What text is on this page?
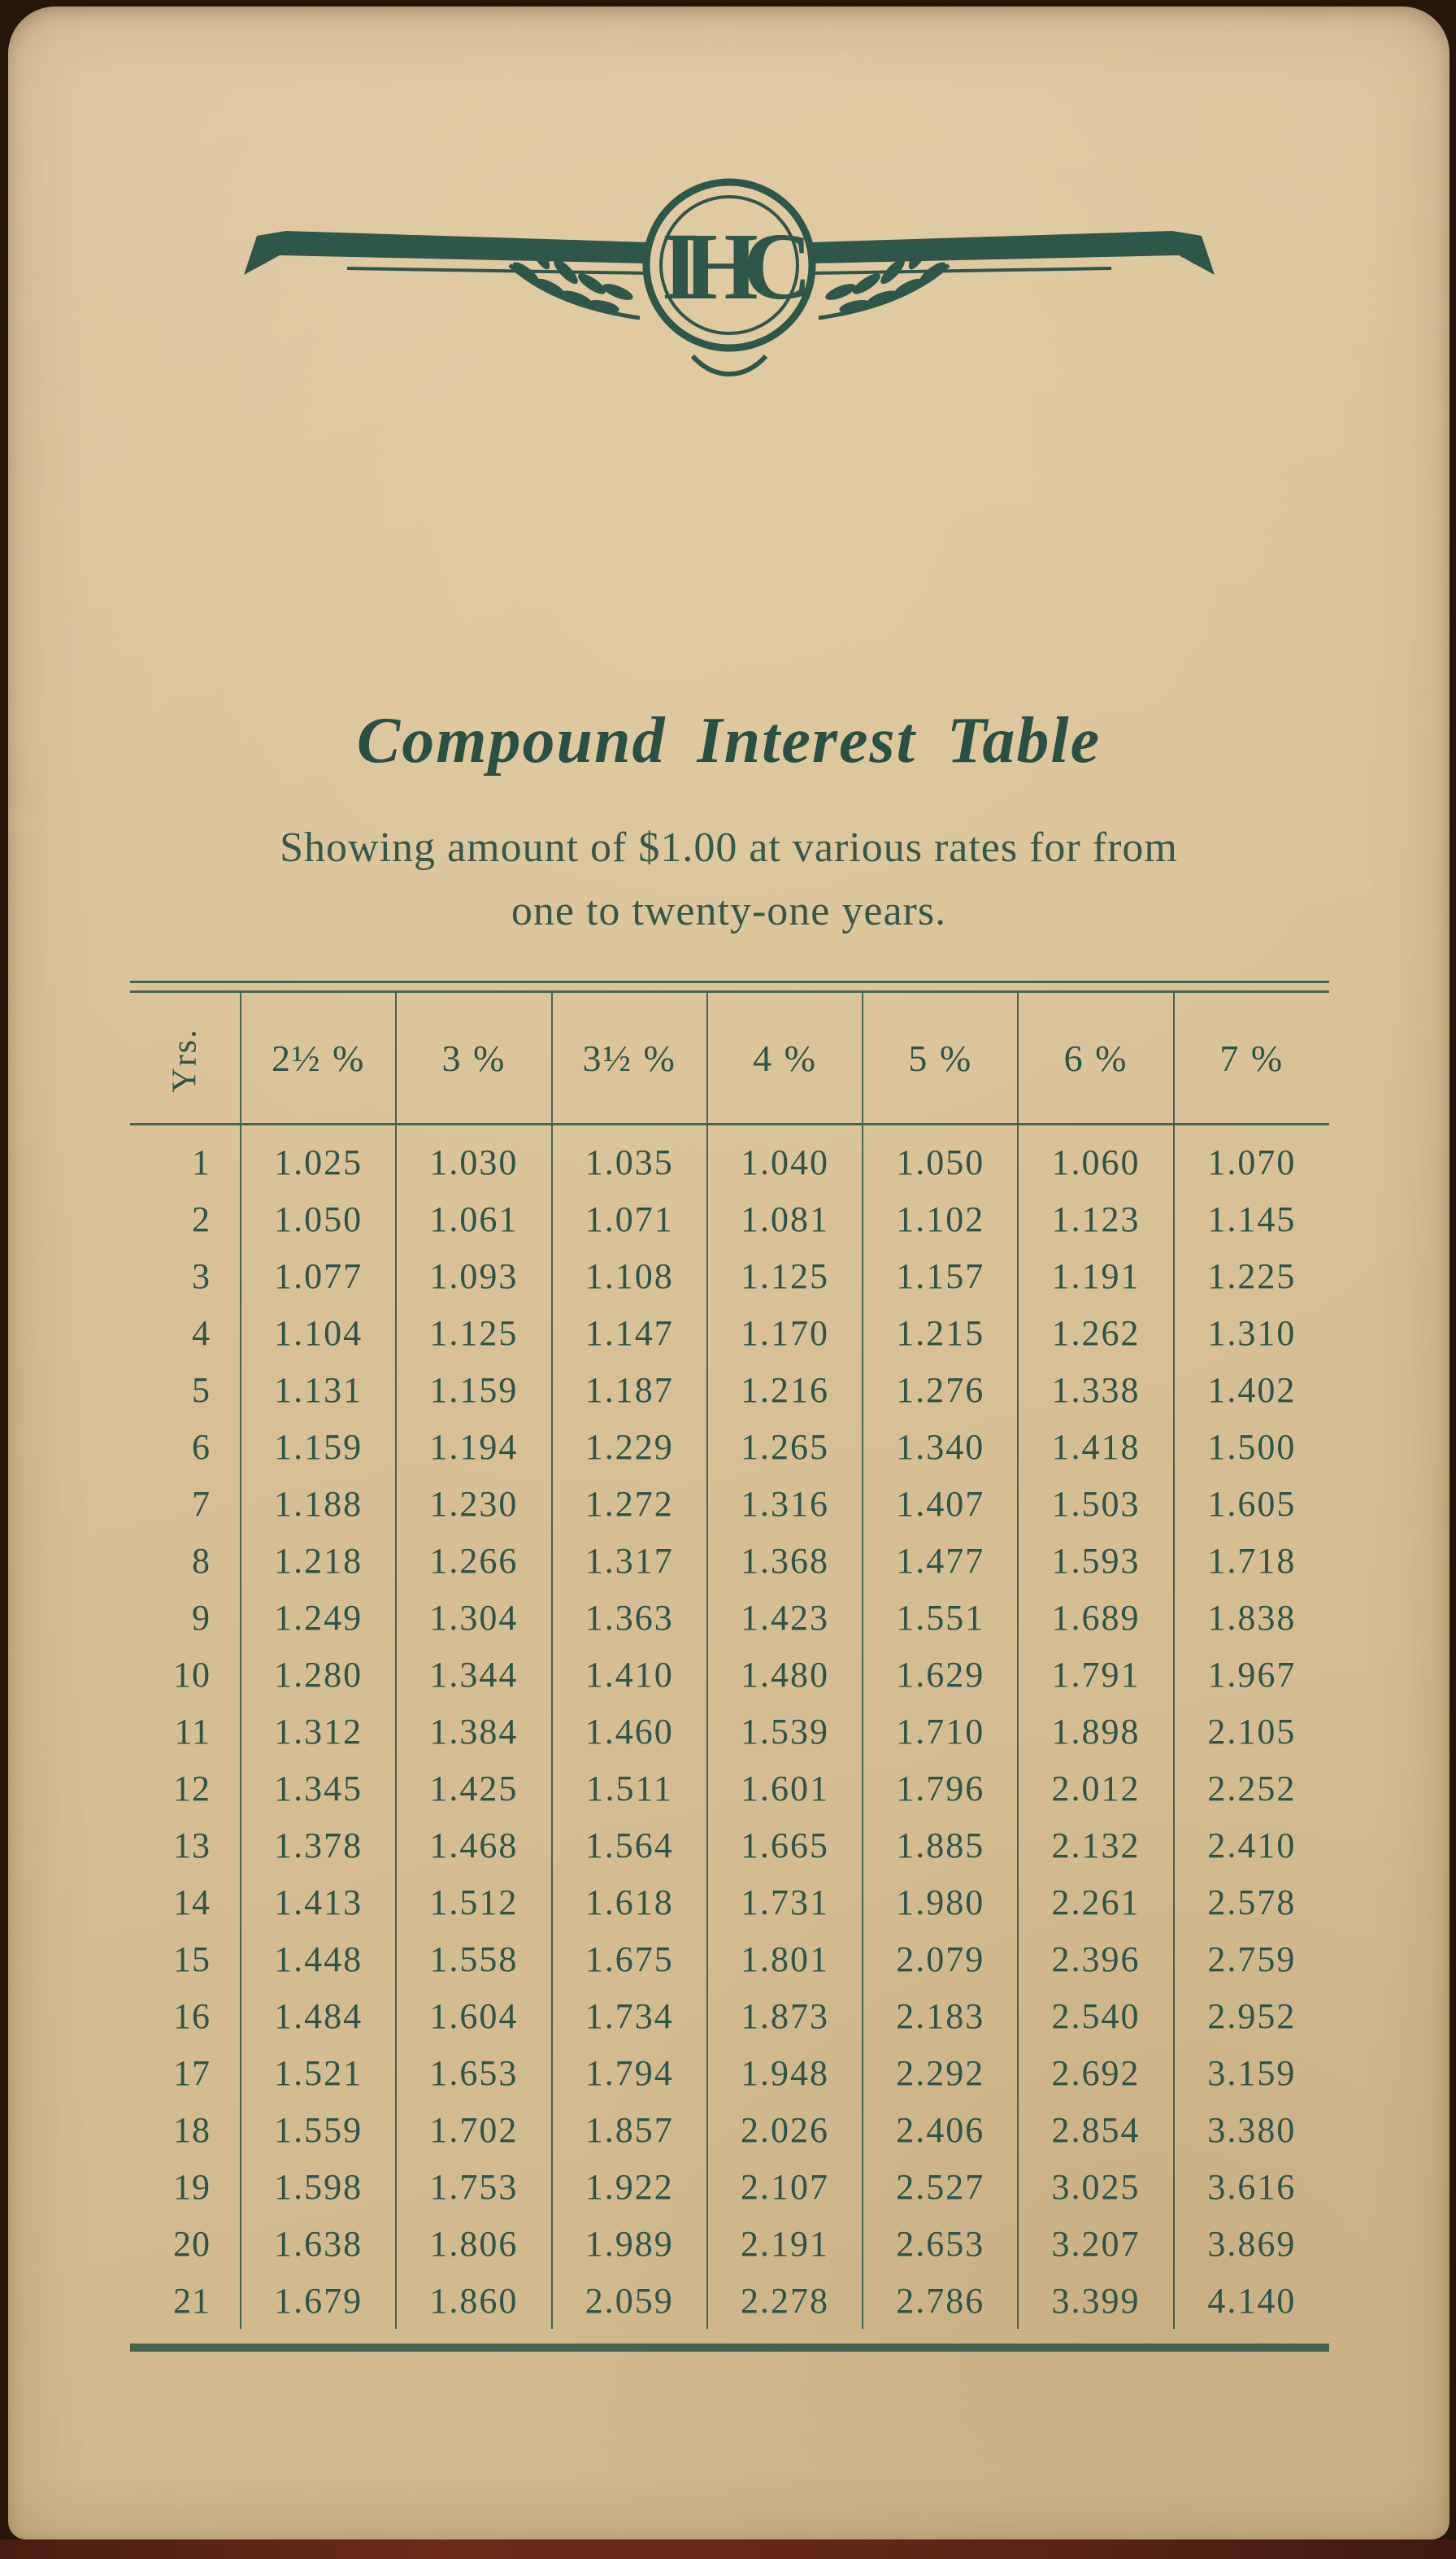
IHC
Compound Interest Table
Showing amount of $1.00 at various rates for from
one to twenty-one years.
Yrs.	2½ %	3 %	3½ %	4 %	5 %	6 %	7 %
1	1.025	1.030	1.035	1.040	1.050	1.060	1.070
2	1.050	1.061	1.071	1.081	1.102	1.123	1.145
3	1.077	1.093	1.108	1.125	1.157	1.191	1.225
4	1.104	1.125	1.147	1.170	1.215	1.262	1.310
5	1.131	1.159	1.187	1.216	1.276	1.338	1.402
6	1.159	1.194	1.229	1.265	1.340	1.418	1.500
7	1.188	1.230	1.272	1.316	1.407	1.503	1.605
8	1.218	1.266	1.317	1.368	1.477	1.593	1.718
9	1.249	1.304	1.363	1.423	1.551	1.689	1.838
10	1.280	1.344	1.410	1.480	1.629	1.791	1.967
11	1.312	1.384	1.460	1.539	1.710	1.898	2.105
12	1.345	1.425	1.511	1.601	1.796	2.012	2.252
13	1.378	1.468	1.564	1.665	1.885	2.132	2.410
14	1.413	1.512	1.618	1.731	1.980	2.261	2.578
15	1.448	1.558	1.675	1.801	2.079	2.396	2.759
16	1.484	1.604	1.734	1.873	2.183	2.540	2.952
17	1.521	1.653	1.794	1.948	2.292	2.692	3.159
18	1.559	1.702	1.857	2.026	2.406	2.854	3.380
19	1.598	1.753	1.922	2.107	2.527	3.025	3.616
20	1.638	1.806	1.989	2.191	2.653	3.207	3.869
21	1.679	1.860	2.059	2.278	2.786	3.399	4.140
